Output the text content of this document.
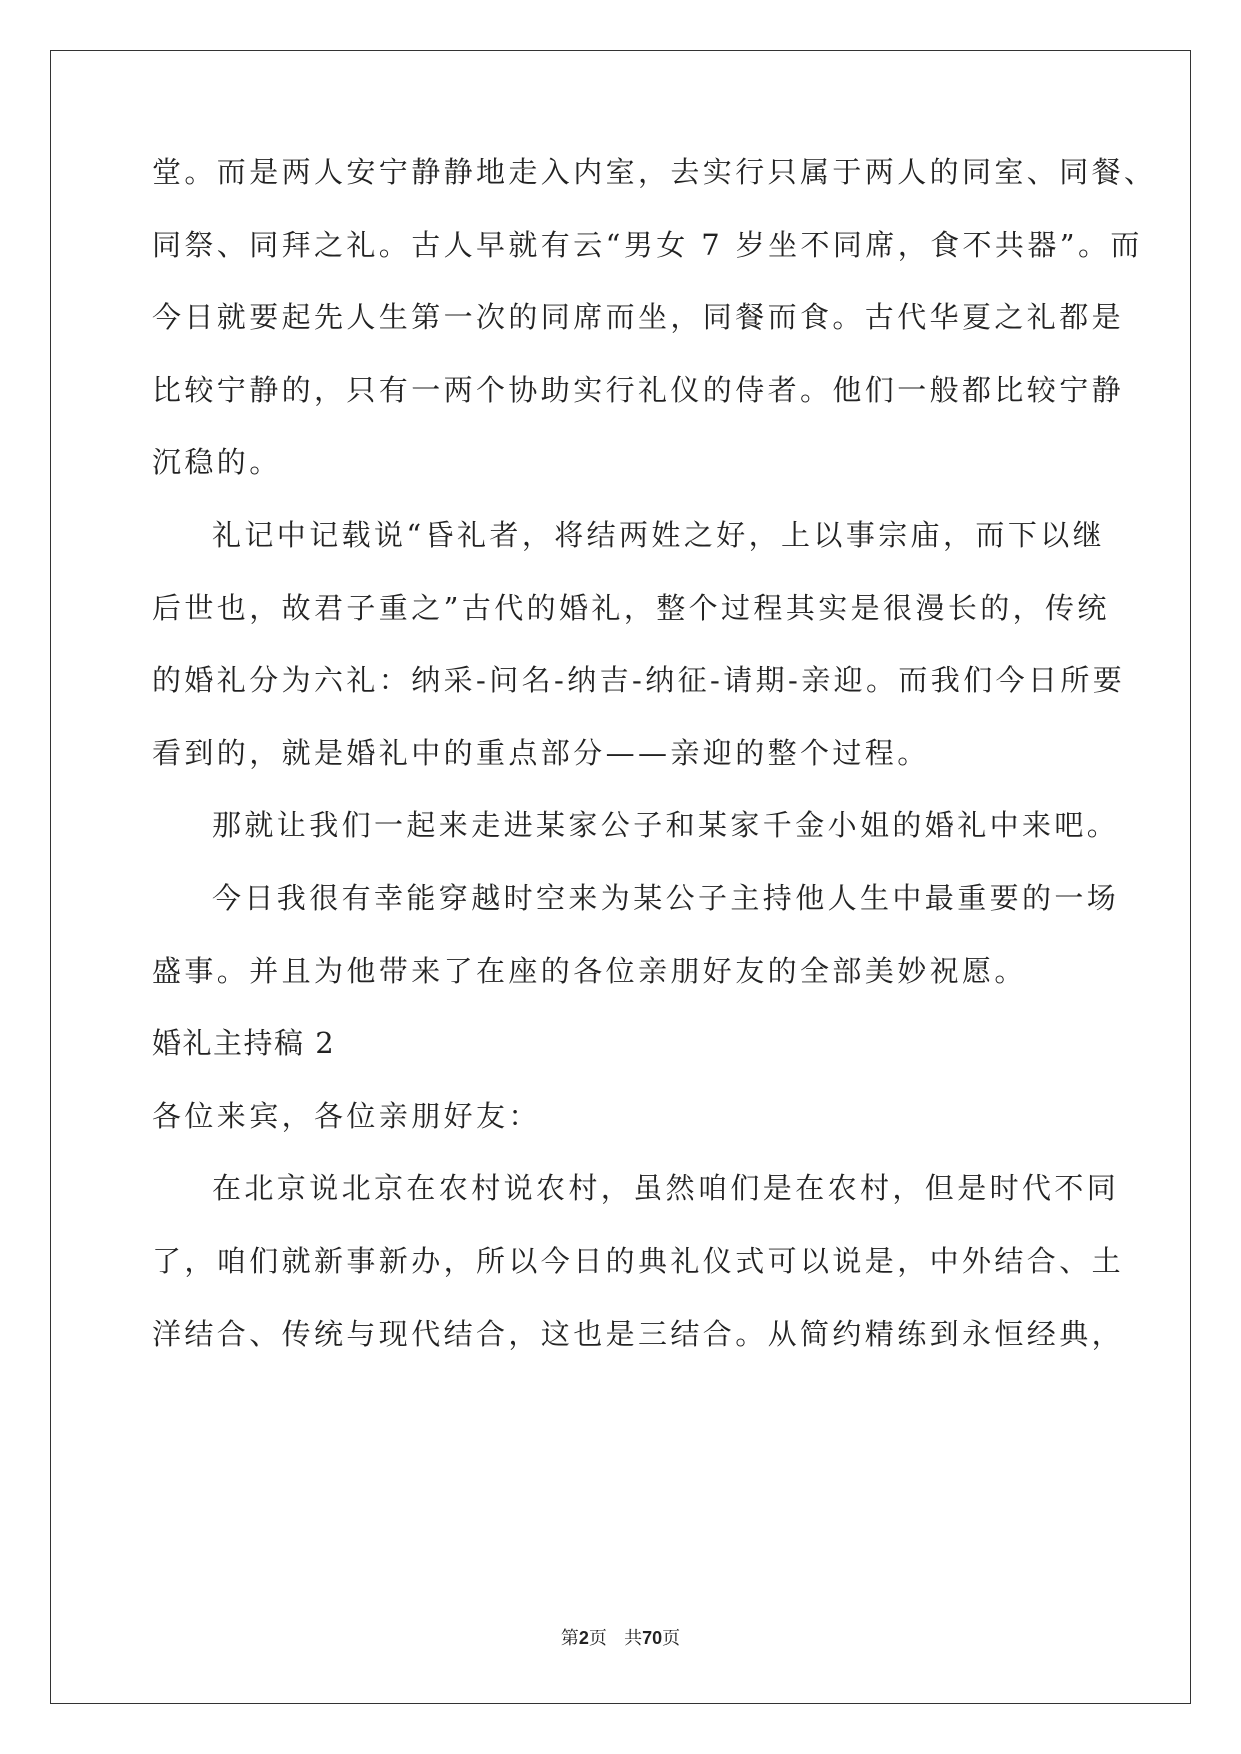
堂。而是两人安宁静静地走入内室，去实行只属于两人的同室、同餐、
同祭、同拜之礼。古人早就有云“男女 7 岁坐不同席，食不共器”。而
今日就要起先人生第一次的同席而坐，同餐而食。古代华夏之礼都是
比较宁静的，只有一两个协助实行礼仪的侍者。他们一般都比较宁静
沉稳的。
礼记中记载说“昏礼者，将结两姓之好，上以事宗庙，而下以继
后世也，故君子重之”古代的婚礼，整个过程其实是很漫长的，传统
的婚礼分为六礼：纳采-问名-纳吉-纳征-请期-亲迎。而我们今日所要
看到的，就是婚礼中的重点部分——亲迎的整个过程。
那就让我们一起来走进某家公子和某家千金小姐的婚礼中来吧。
今日我很有幸能穿越时空来为某公子主持他人生中最重要的一场
盛事。并且为他带来了在座的各位亲朋好友的全部美妙祝愿。
婚礼主持稿 2
各位来宾，各位亲朋好友：
在北京说北京在农村说农村，虽然咱们是在农村，但是时代不同
了，咱们就新事新办，所以今日的典礼仪式可以说是，中外结合、土
洋结合、传统与现代结合，这也是三结合。从简约精练到永恒经典，
第2页   共70页
